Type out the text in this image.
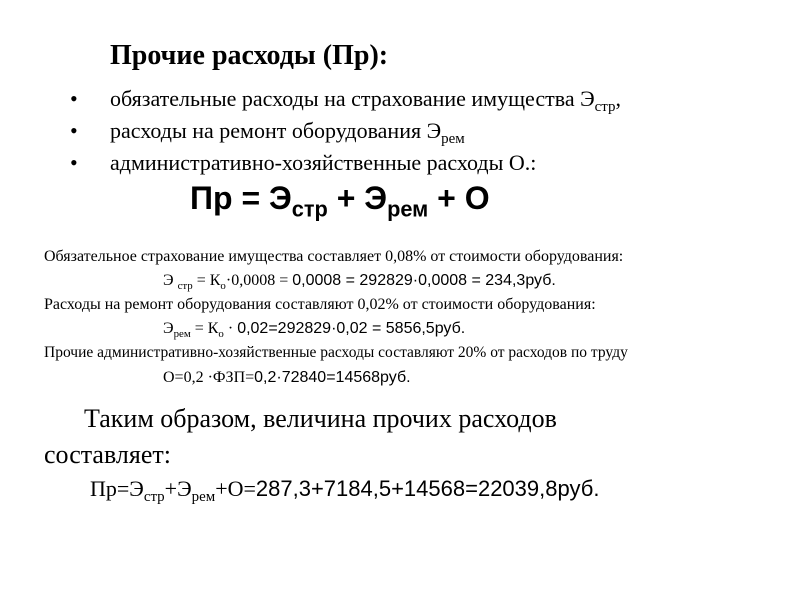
Прочие расходы (Пр):
• обязательные расходы на страхование имущества $Э_{стр}$,
• расходы на ремонт оборудования $Э_{рем}$
• административно-хозяйственные расходы О.:
Пр = $Э_{стр} + Э_{рем} + О$
Обязательное страхование имущества составляет 0,08% от стоимости оборудования:
Э $_{стр} = К_о\cdot 0,0008 = 0,0008 = 292829\cdot 0,0008 = 234,3руб$.
Расходы на ремонт оборудования составляют 0,02% от стоимости оборудования:
$Э_{рем} = К_о \cdot 0,02=292829\cdot 0,02 = 5856,5руб$.
Прочие административно-хозяйственные расходы составляют 20% от расходов по труду
О=0,2 ·ФЗП=0,2·72840=14568руб.
Таким образом, величина прочих расходов
составляет:
$Пр=Э_{стр}+Э_{рем}+О=287,3+7184,5+14568=22039,8руб$.
